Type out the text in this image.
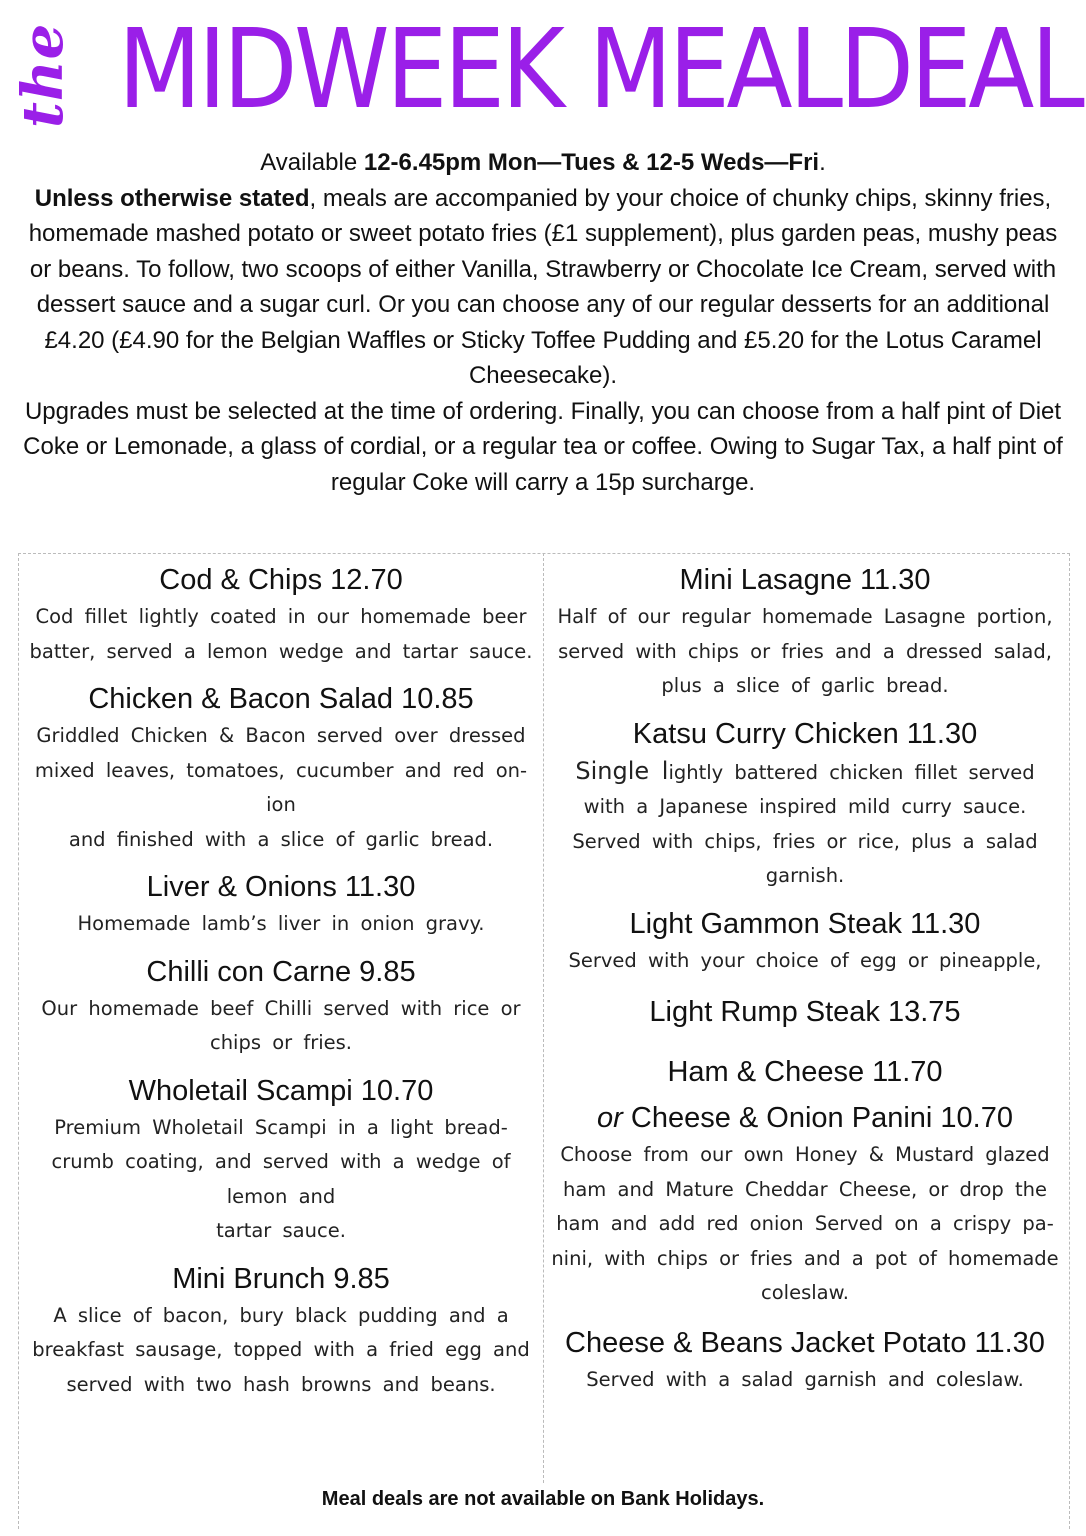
the MIDWEEK MEALDEAL

Available 12-6.45pm Mon—Tues & 12-5 Weds—Fri.

Unless otherwise stated, meals are accompanied by your choice of chunky chips, skinny fries, homemade mashed potato or sweet potato fries (£1 supplement), plus garden peas, mushy peas or beans. To follow, two scoops of either Vanilla, Strawberry or Chocolate Ice Cream, served with dessert sauce and a sugar curl. Or you can choose any of our regular desserts for an additional £4.20 (£4.90 for the Belgian Waffles or Sticky Toffee Pudding and £5.20 for the Lotus Caramel Cheesecake).

Upgrades must be selected at the time of ordering. Finally, you can choose from a half pint of Diet Coke or Lemonade, a glass of cordial, or a regular tea or coffee. Owing to Sugar Tax, a half pint of regular Coke will carry a 15p surcharge.

Cod & Chips 12.70

Cod fillet lightly coated in our homemade beer batter, served a lemon wedge and tartar sauce.

Chicken & Bacon Salad 10.85

Griddled Chicken & Bacon served over dressed mixed leaves, tomatoes, cucumber and red on-ion

and finished with a slice of garlic bread.

Liver & Onions 11.30

Homemade lamb’s liver in onion gravy.

Chilli con Carne 9.85

Our homemade beef Chilli served with rice or chips or fries.

Wholetail Scampi 10.70

Premium Wholetail Scampi in a light bread-crumb coating, and served with a wedge of lemon and

tartar sauce.

Mini Brunch 9.85

A slice of bacon, bury black pudding and a breakfast sausage, topped with a fried egg and served with two hash browns and beans.

Mini Lasagne 11.30

Half of our regular homemade Lasagne portion, served with chips or fries and a dressed salad, plus a slice of garlic bread.

Katsu Curry Chicken 11.30

Single lightly battered chicken fillet served with a Japanese inspired mild curry sauce. Served with chips, fries or rice, plus a salad garnish.

Light Gammon Steak 11.30

Served with your choice of egg or pineapple,

Light Rump Steak 13.75
Ham & Cheese 11.70
or Cheese & Onion Panini 10.70

Choose from our own Honey & Mustard glazed ham and Mature Cheddar Cheese, or drop the ham and add red onion Served on a crispy pa-nini, with chips or fries and a pot of homemade coleslaw.

Cheese & Beans Jacket Potato 11.30

Served with a salad garnish and coleslaw.

Meal deals are not available on Bank Holidays.
